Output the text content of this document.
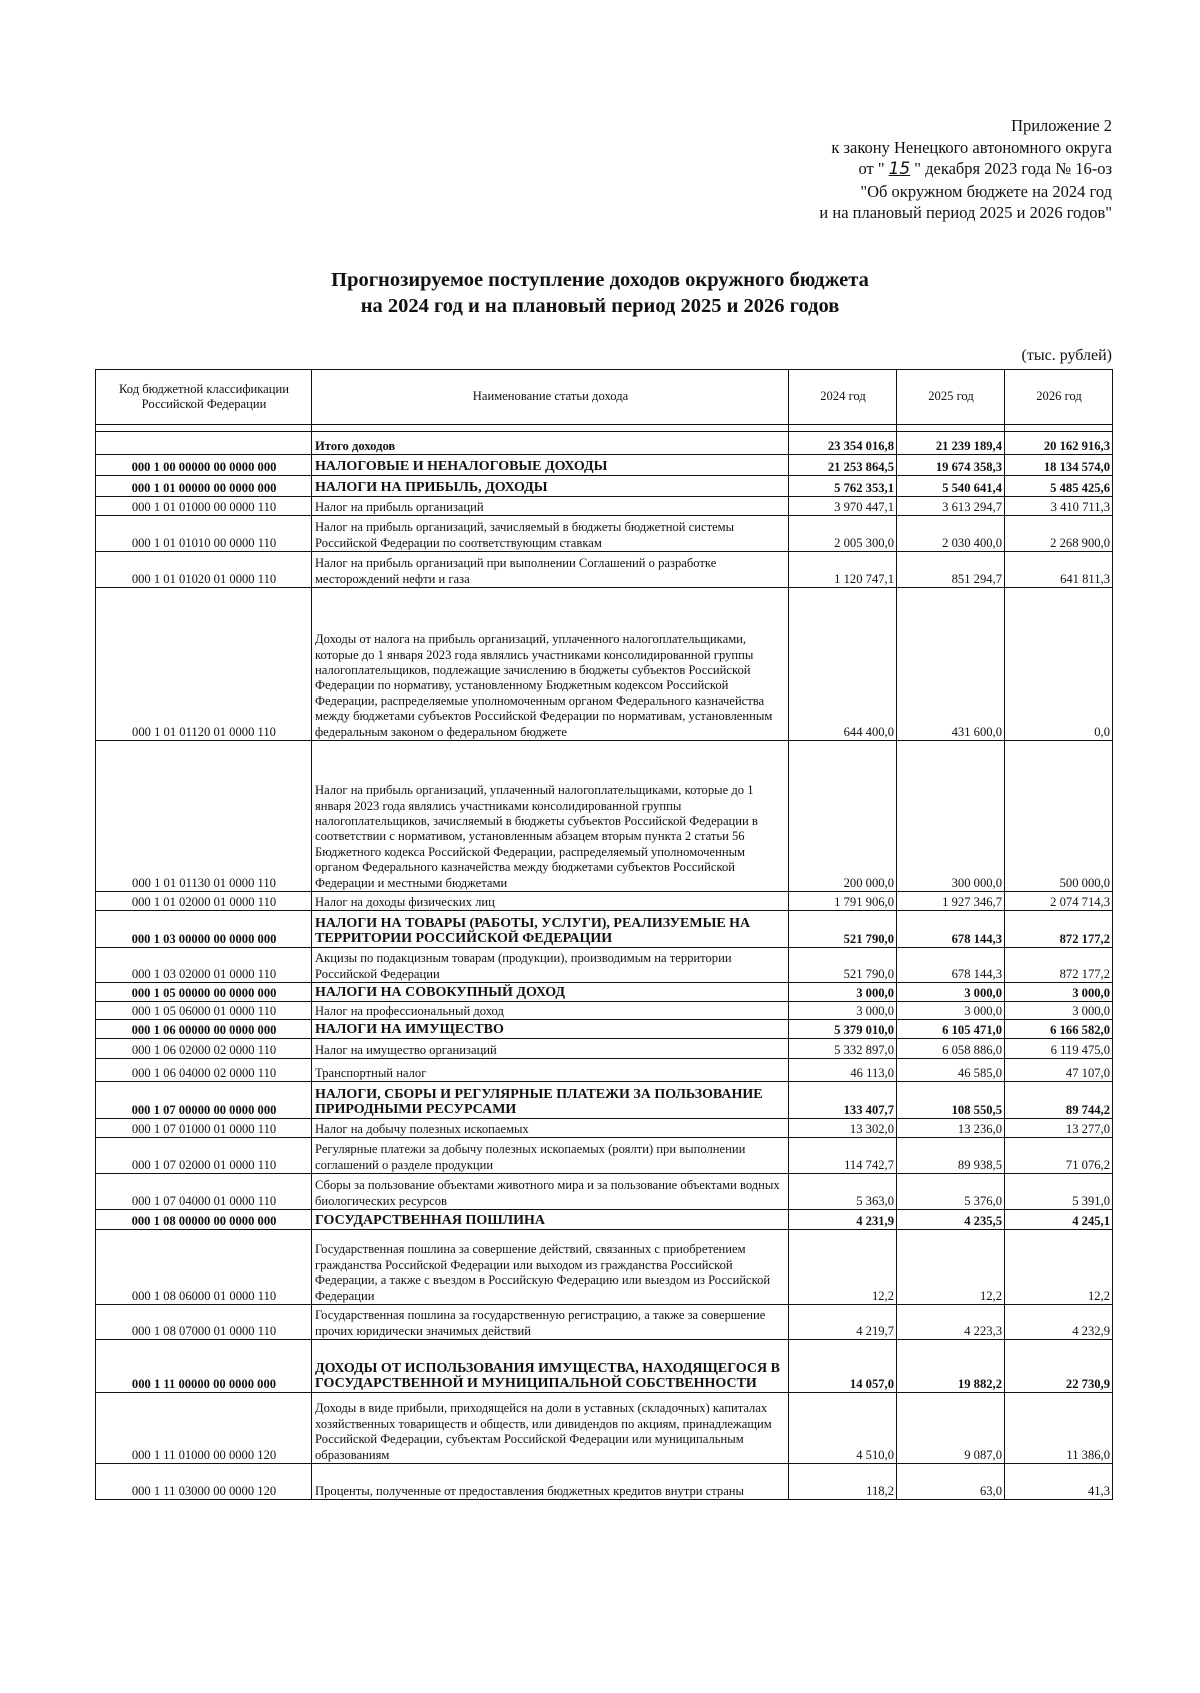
Приложение 2
к закону Ненецкого автономного округа
от " 15 " декабря 2023 года № 16-оз
"Об окружном бюджете на 2024 год
и на плановый период 2025 и 2026 годов"
Прогнозируемое поступление доходов окружного бюджета
на 2024 год и на плановый период 2025 и 2026 годов
(тыс. рублей)
Код бюджетной классификации Российской Федерации	Наименование статьи дохода	2024 год	2025 год	2026 год

	Итого доходов	23 354 016,8	21 239 189,4	20 162 916,3
000 1 00 00000 00 0000 000	НАЛОГОВЫЕ И НЕНАЛОГОВЫЕ ДОХОДЫ	21 253 864,5	19 674 358,3	18 134 574,0
000 1 01 00000 00 0000 000	НАЛОГИ НА ПРИБЫЛЬ, ДОХОДЫ	5 762 353,1	5 540 641,4	5 485 425,6
000 1 01 01000 00 0000 110	Налог на прибыль организаций	3 970 447,1	3 613 294,7	3 410 711,3
000 1 01 01010 00 0000 110	Налог на прибыль организаций, зачисляемый в бюджеты бюджетной системы Российской Федерации по соответствующим ставкам	2 005 300,0	2 030 400,0	2 268 900,0
000 1 01 01020 01 0000 110	Налог на прибыль организаций при выполнении Соглашений о разработке месторождений нефти и газа	1 120 747,1	851 294,7	641 811,3
000 1 01 01120 01 0000 110	Доходы от налога на прибыль организаций, уплаченного налогоплательщиками, которые до 1 января 2023 года являлись участниками консолидированной группы налогоплательщиков, подлежащие зачислению в бюджеты субъектов Российской Федерации по нормативу, установленному Бюджетным кодексом Российской Федерации, распределяемые уполномоченным органом Федерального казначейства между бюджетами субъектов Российской Федерации по нормативам, установленным федеральным законом о федеральном бюджете	644 400,0	431 600,0	0,0
000 1 01 01130 01 0000 110	Налог на прибыль организаций, уплаченный налогоплательщиками, которые до 1 января 2023 года являлись участниками консолидированной группы налогоплательщиков, зачисляемый в бюджеты субъектов Российской Федерации в соответствии с нормативом, установленным абзацем вторым пункта 2 статьи 56 Бюджетного кодекса Российской Федерации, распределяемый уполномоченным органом Федерального казначейства между бюджетами субъектов Российской Федерации и местными бюджетами	200 000,0	300 000,0	500 000,0
000 1 01 02000 01 0000 110	Налог на доходы физических лиц	1 791 906,0	1 927 346,7	2 074 714,3
000 1 03 00000 00 0000 000	НАЛОГИ НА ТОВАРЫ (РАБОТЫ, УСЛУГИ), РЕАЛИЗУЕМЫЕ НА ТЕРРИТОРИИ РОССИЙСКОЙ ФЕДЕРАЦИИ	521 790,0	678 144,3	872 177,2
000 1 03 02000 01 0000 110	Акцизы по подакцизным товарам (продукции), производимым на территории Российской Федерации	521 790,0	678 144,3	872 177,2
000 1 05 00000 00 0000 000	НАЛОГИ НА СОВОКУПНЫЙ ДОХОД	3 000,0	3 000,0	3 000,0
000 1 05 06000 01 0000 110	Налог на профессиональный доход	3 000,0	3 000,0	3 000,0
000 1 06 00000 00 0000 000	НАЛОГИ НА ИМУЩЕСТВО	5 379 010,0	6 105 471,0	6 166 582,0
000 1 06 02000 02 0000 110	Налог на имущество организаций	5 332 897,0	6 058 886,0	6 119 475,0
000 1 06 04000 02 0000 110	Транспортный налог	46 113,0	46 585,0	47 107,0
000 1 07 00000 00 0000 000	НАЛОГИ, СБОРЫ И РЕГУЛЯРНЫЕ ПЛАТЕЖИ ЗА ПОЛЬЗОВАНИЕ ПРИРОДНЫМИ РЕСУРСАМИ	133 407,7	108 550,5	89 744,2
000 1 07 01000 01 0000 110	Налог на добычу полезных ископаемых	13 302,0	13 236,0	13 277,0
000 1 07 02000 01 0000 110	Регулярные платежи за добычу полезных ископаемых (роялти) при выполнении соглашений о разделе продукции	114 742,7	89 938,5	71 076,2
000 1 07 04000 01 0000 110	Сборы за пользование объектами животного мира и за пользование объектами водных биологических ресурсов	5 363,0	5 376,0	5 391,0
000 1 08 00000 00 0000 000	ГОСУДАРСТВЕННАЯ ПОШЛИНА	4 231,9	4 235,5	4 245,1
000 1 08 06000 01 0000 110	Государственная пошлина за совершение действий, связанных с приобретением гражданства Российской Федерации или выходом из гражданства Российской Федерации, а также с въездом в Российскую Федерацию или выездом из Российской Федерации	12,2	12,2	12,2
000 1 08 07000 01 0000 110	Государственная пошлина за государственную регистрацию, а также за совершение прочих юридически значимых действий	4 219,7	4 223,3	4 232,9
000 1 11 00000 00 0000 000	ДОХОДЫ ОТ ИСПОЛЬЗОВАНИЯ ИМУЩЕСТВА, НАХОДЯЩЕГОСЯ В ГОСУДАРСТВЕННОЙ И МУНИЦИПАЛЬНОЙ СОБСТВЕННОСТИ	14 057,0	19 882,2	22 730,9
000 1 11 01000 00 0000 120	Доходы в виде прибыли, приходящейся на доли в уставных (складочных) капиталах хозяйственных товариществ и обществ, или дивидендов по акциям, принадлежащим Российской Федерации, субъектам Российской Федерации или муниципальным образованиям	4 510,0	9 087,0	11 386,0
000 1 11 03000 00 0000 120	Проценты, полученные от предоставления бюджетных кредитов внутри страны	118,2	63,0	41,3
